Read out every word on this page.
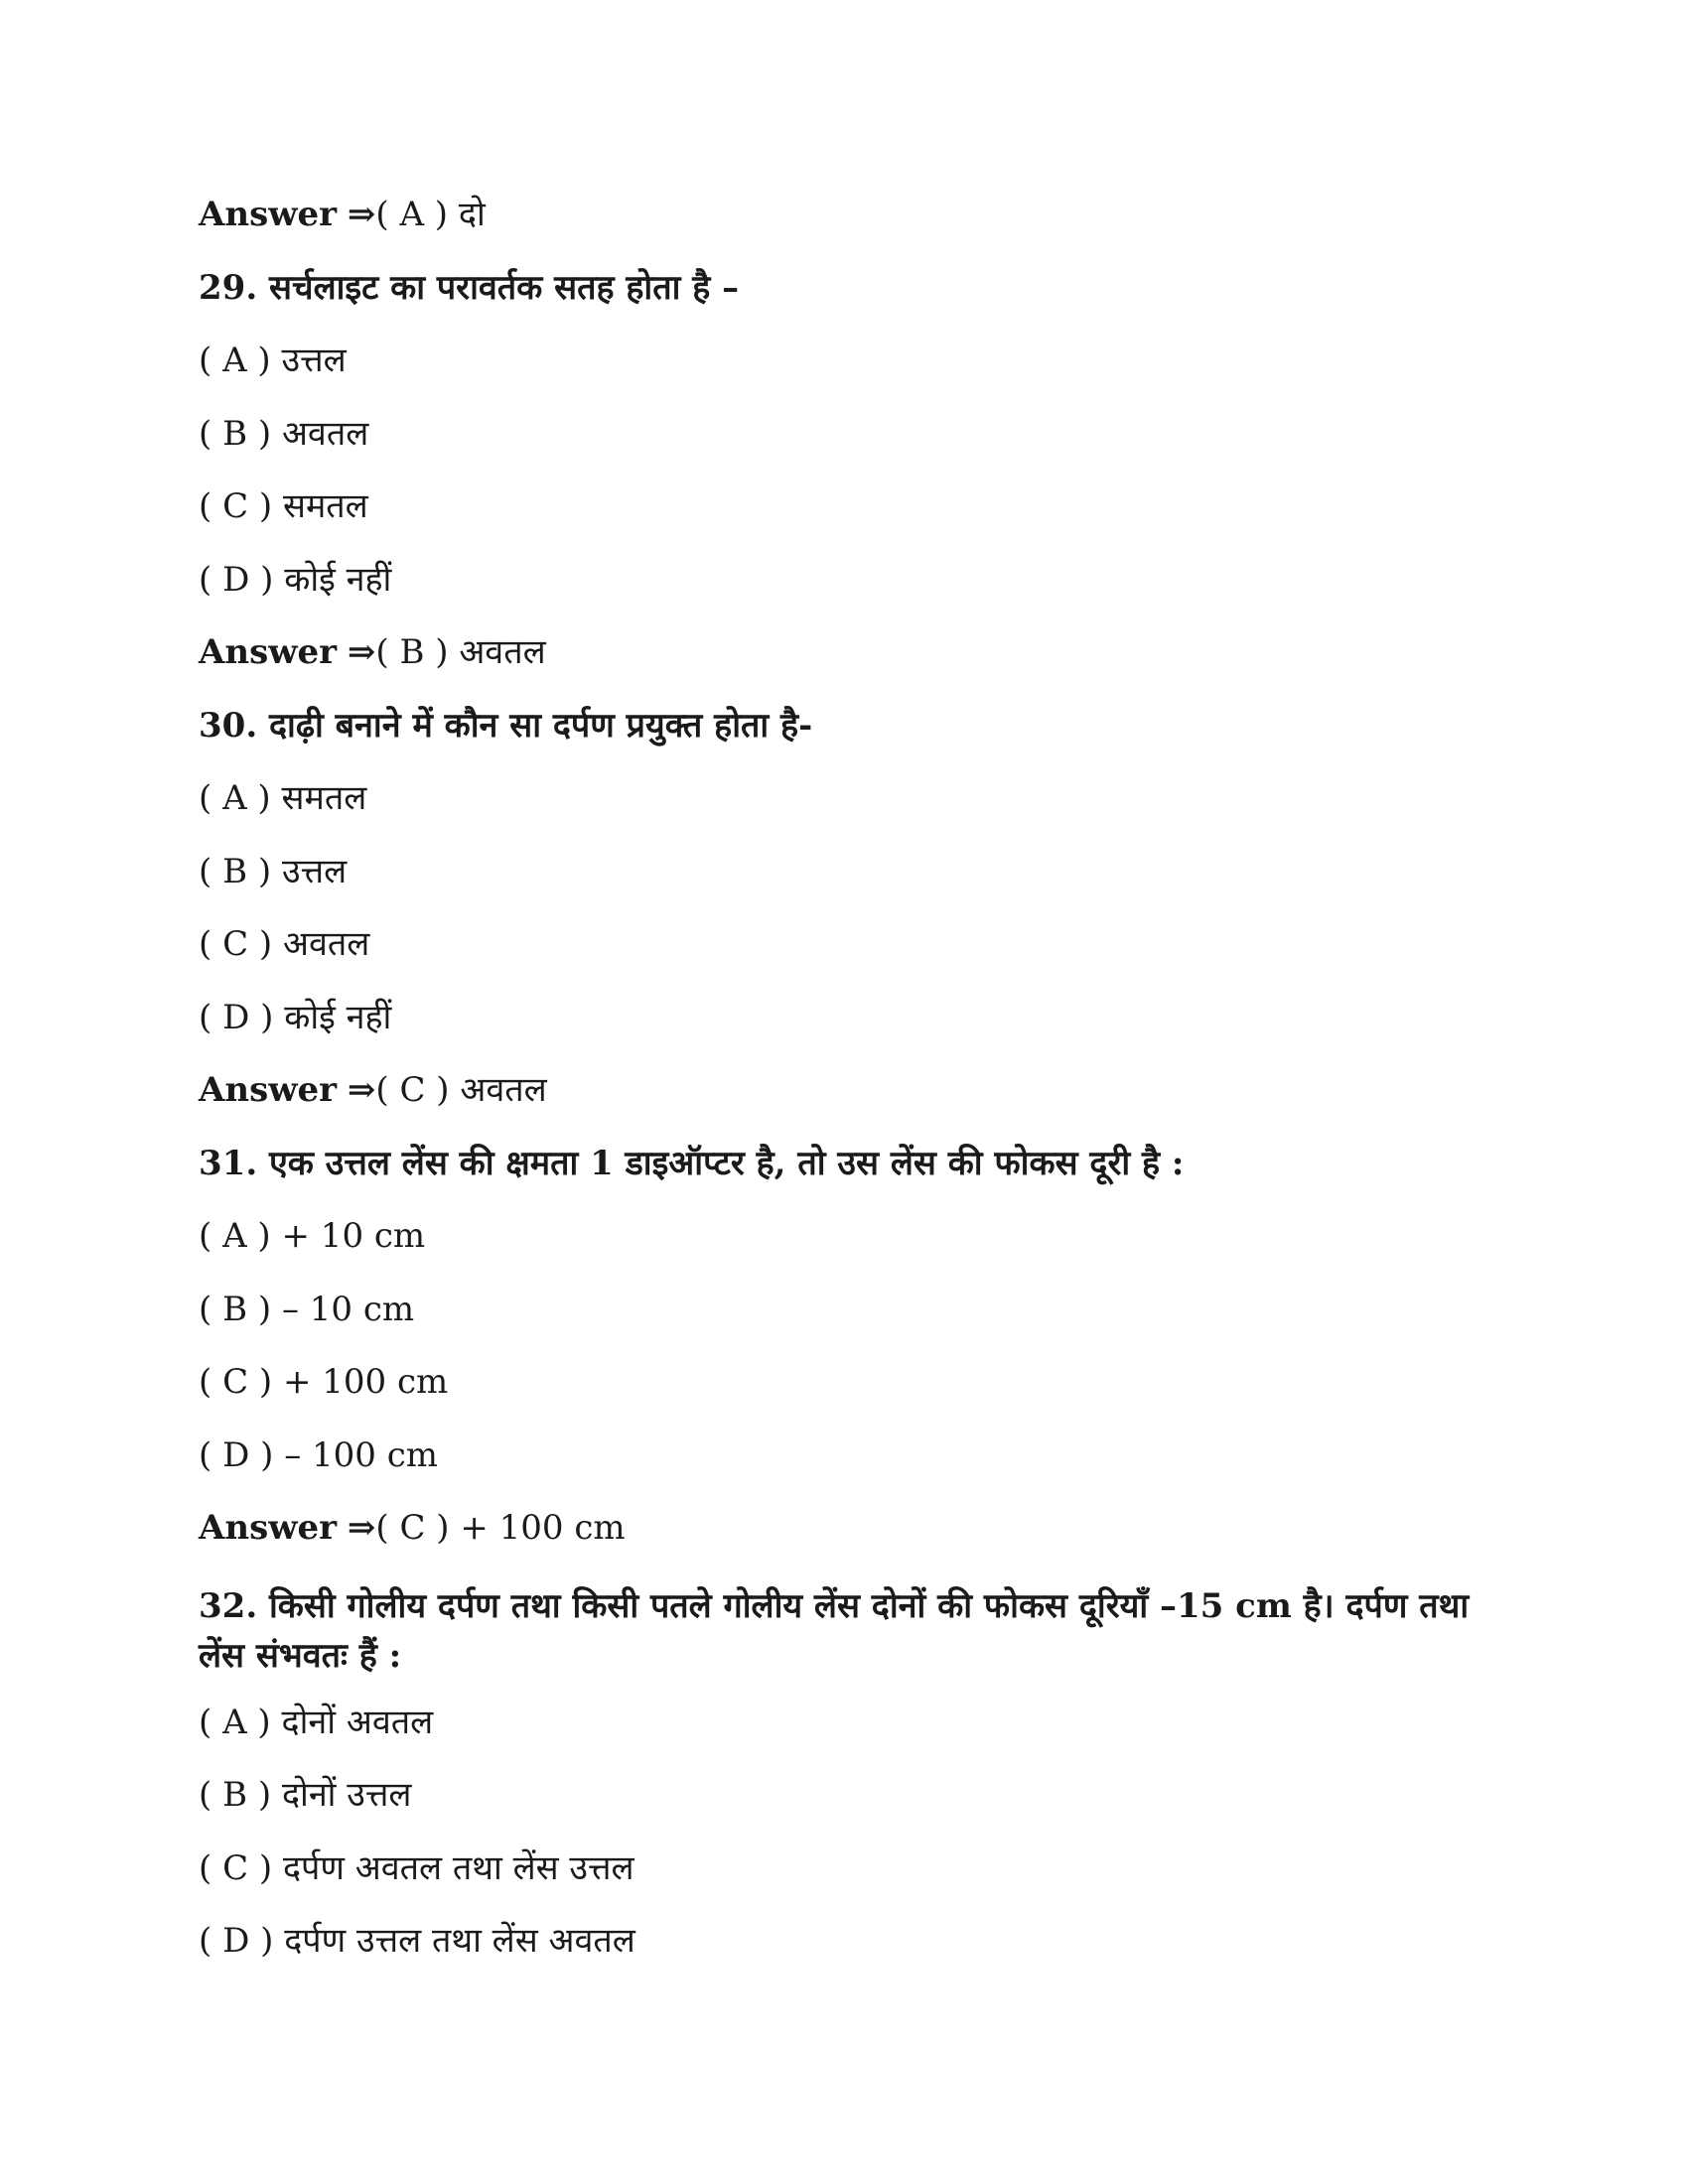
Answer ⇒( A ) दो
29. सर्चलाइट का परावर्तक सतह होता है –
( A ) उत्तल
( B ) अवतल
( C ) समतल
( D ) कोई नहीं
Answer ⇒( B ) अवतल
30. दाढ़ी बनाने में कौन सा दर्पण प्रयुक्त होता है-
( A ) समतल
( B ) उत्तल
( C ) अवतल
( D ) कोई नहीं
Answer ⇒( C ) अवतल
31. एक उत्तल लेंस की क्षमता 1 डाइऑप्टर है, तो उस लेंस की फोकस दूरी है :
( A ) + 10 cm
( B ) – 10 cm
( C ) + 100 cm
( D ) – 100 cm
Answer ⇒( C ) + 100 cm
32. किसी गोलीय दर्पण तथा किसी पतले गोलीय लेंस दोनों की फोकस दूरियाँ –15 cm है। दर्पण तथा लेंस संभवतः हैं :
( A ) दोनों अवतल
( B ) दोनों उत्तल
( C ) दर्पण अवतल तथा लेंस उत्तल
( D ) दर्पण उत्तल तथा लेंस अवतल
